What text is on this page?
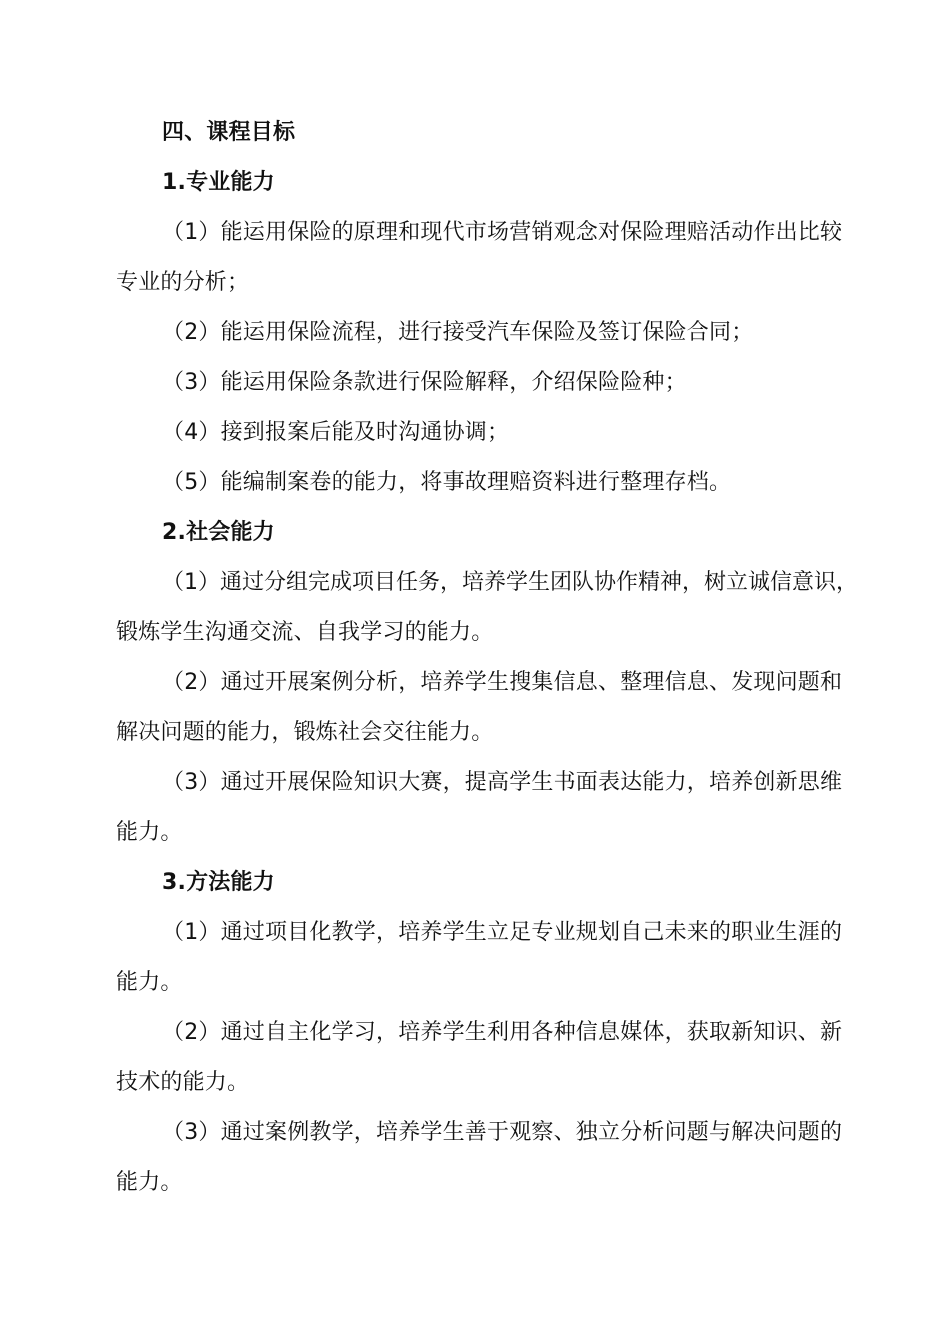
四、课程目标
1.专业能力
（1）能运用保险的原理和现代市场营销观念对保险理赔活动作出比较
专业的分析；
（2）能运用保险流程，进行接受汽车保险及签订保险合同；
（3）能运用保险条款进行保险解释，介绍保险险种；
（4）接到报案后能及时沟通协调；
（5）能编制案卷的能力，将事故理赔资料进行整理存档。
2.社会能力
（1）通过分组完成项目任务，培养学生团队协作精神，树立诚信意识，
锻炼学生沟通交流、自我学习的能力。
（2）通过开展案例分析，培养学生搜集信息、整理信息、发现问题和
解决问题的能力，锻炼社会交往能力。
（3）通过开展保险知识大赛，提高学生书面表达能力，培养创新思维
能力。
3.方法能力
（1）通过项目化教学，培养学生立足专业规划自己未来的职业生涯的
能力。
（2）通过自主化学习，培养学生利用各种信息媒体，获取新知识、新
技术的能力。
（3）通过案例教学，培养学生善于观察、独立分析问题与解决问题的
能力。
